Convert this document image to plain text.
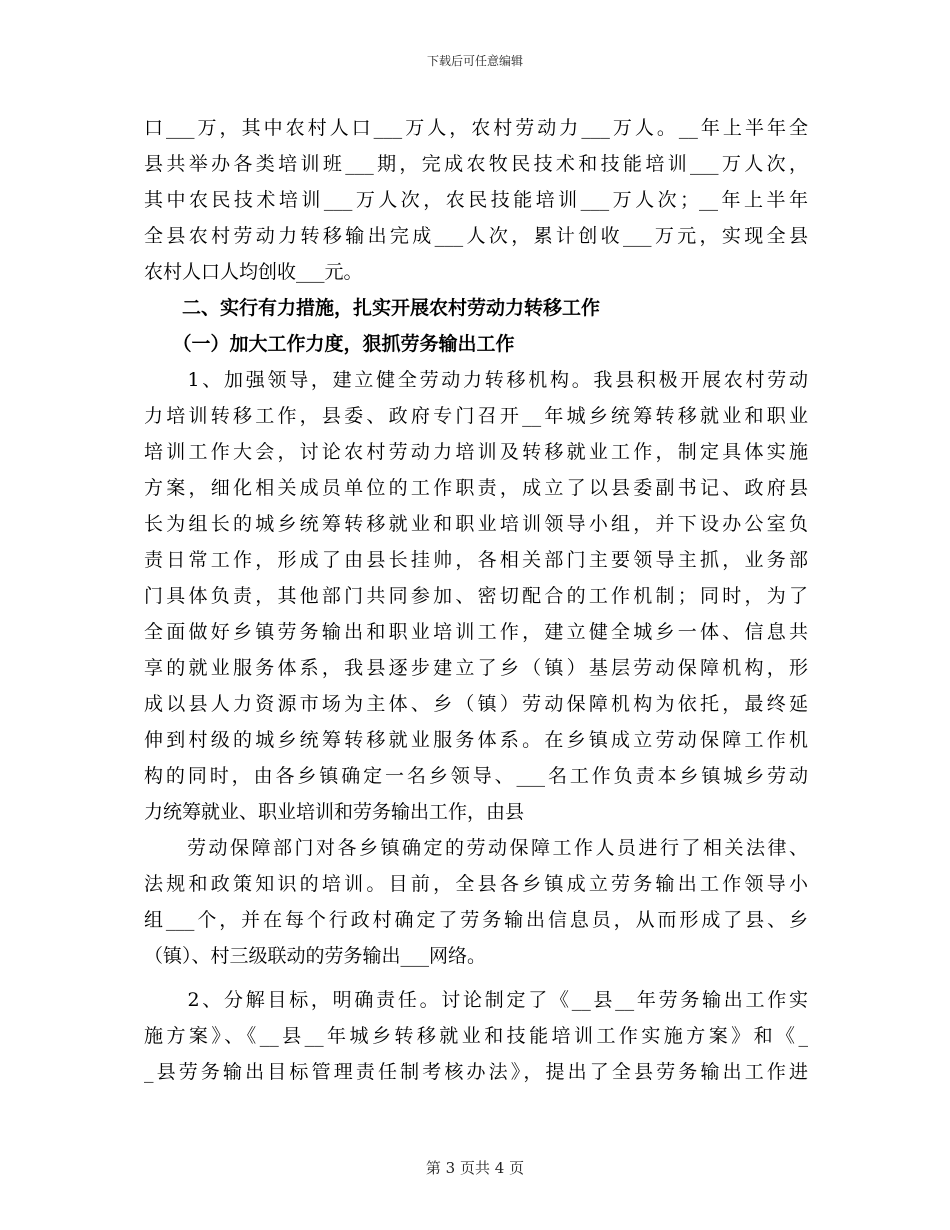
下载后可任意编辑
口___万，其中农村人口___万人，农村劳动力___万人。__年上半年全
县共举办各类培训班___期，完成农牧民技术和技能培训___万人次，
其中农民技术培训___万人次，农民技能培训___万人次；__年上半年
全县农村劳动力转移输出完成___人次，累计创收___万元，实现全县
农村人口人均创收___元。
　　二、实行有力措施，扎实开展农村劳动力转移工作
　　（一）加大工作力度，狠抓劳务输出工作
　　1、加强领导，建立健全劳动力转移机构。我县积极开展农村劳动
力培训转移工作，县委、政府专门召开__年城乡统筹转移就业和职业
培训工作大会，讨论农村劳动力培训及转移就业工作，制定具体实施
方案，细化相关成员单位的工作职责，成立了以县委副书记、政府县
长为组长的城乡统筹转移就业和职业培训领导小组，并下设办公室负
责日常工作，形成了由县长挂帅，各相关部门主要领导主抓，业务部
门具体负责，其他部门共同参加、密切配合的工作机制；同时，为了
全面做好乡镇劳务输出和职业培训工作，建立健全城乡一体、信息共
享的就业服务体系，我县逐步建立了乡（镇）基层劳动保障机构，形
成以县人力资源市场为主体、乡（镇）劳动保障机构为依托，最终延
伸到村级的城乡统筹转移就业服务体系。在乡镇成立劳动保障工作机
构的同时，由各乡镇确定一名乡领导、___名工作负责本乡镇城乡劳动
力统筹就业、职业培训和劳务输出工作，由县
　　劳动保障部门对各乡镇确定的劳动保障工作人员进行了相关法律、
法规和政策知识的培训。目前，全县各乡镇成立劳务输出工作领导小
组___个，并在每个行政村确定了劳务输出信息员，从而形成了县、乡
（镇）、村三级联动的劳务输出___网络。
　　2、分解目标，明确责任。讨论制定了《__县__年劳务输出工作实
施方案》、《__县__年城乡转移就业和技能培训工作实施方案》和《_
_县劳务输出目标管理责任制考核办法》，提出了全县劳务输出工作进
第 3 页共 4 页
